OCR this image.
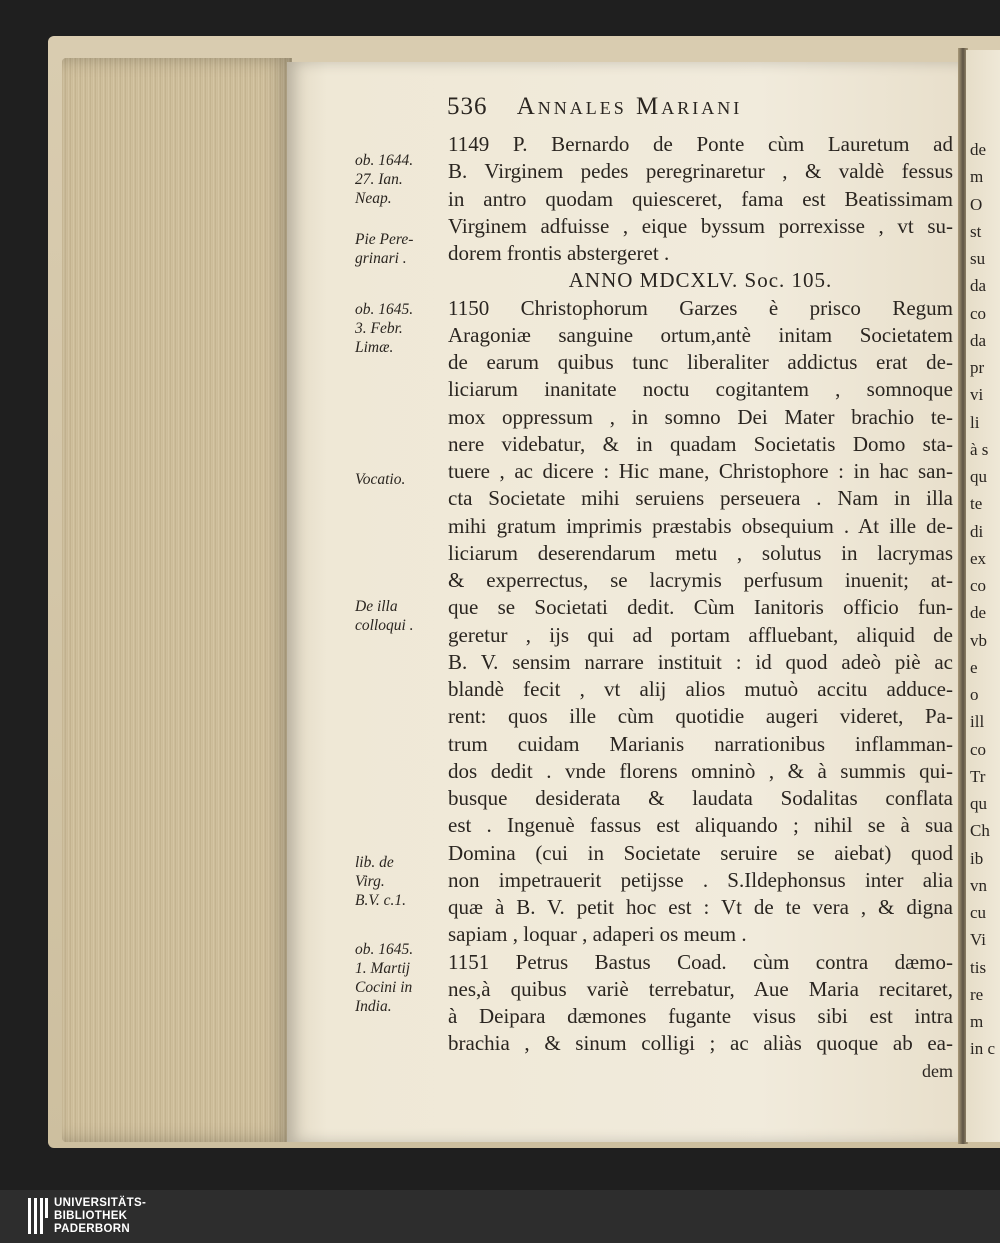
de
m
O
st
su
da
co
da
pr
vi
li
à s
qu
te
di
ex
co
de
vb
e
o
ill
co
Tr
qu
Ch
ib
vn
cu
Vi
tis
re
m
in c
536 Annales Mariani
1149 P. Bernardo de Ponte cùm Lauretum ad
B. Virginem pedes peregrinaretur , & valdè fessus
in antro quodam quiesceret, fama est Beatissimam
Virginem adfuisse , eique byssum porrexisse , vt su-
dorem frontis abstergeret .
ANNO MDCXLV. Soc. 105.
1150 Christophorum Garzes è prisco Regum
Aragoniæ sanguine ortum,antè initam Societatem
de earum quibus tunc liberaliter addictus erat de-
liciarum inanitate noctu cogitantem , somnoque
mox oppressum , in somno Dei Mater brachio te-
nere videbatur, & in quadam Societatis Domo sta-
tuere , ac dicere : Hic mane, Christophore : in hac san-
cta Societate mihi seruiens perseuera . Nam in illa
mihi gratum imprimis præstabis obsequium . At ille de-
liciarum deserendarum metu , solutus in lacrymas
& experrectus, se lacrymis perfusum inuenit; at-
que se Societati dedit. Cùm Ianitoris officio fun-
geretur , ijs qui ad portam affluebant, aliquid de
B. V. sensim narrare instituit : id quod adeò piè ac
blandè fecit , vt alij alios mutuò accitu adduce-
rent: quos ille cùm quotidie augeri videret, Pa-
trum cuidam Marianis narrationibus inflamman-
dos dedit . vnde florens omninò , & à summis qui-
busque desiderata & laudata Sodalitas conflata
est . Ingenuè fassus est aliquando ; nihil se à sua
Domina (cui in Societate seruire se aiebat) quod
non impetrauerit petijsse . S.Ildephonsus inter alia
quæ à B. V. petit hoc est : Vt de te vera , & digna
sapiam , loquar , adaperi os meum .
1151 Petrus Bastus Coad. cùm contra dæmo-
nes,à quibus variè terrebatur, Aue Maria recitaret,
à Deipara dæmones fugante visus sibi est intra
brachia , & sinum colligi ; ac aliàs quoque ab ea-
dem
ob. 1644.
27. Ian.
Neap.
Pie Pere-
grinari .
ob. 1645.
3. Febr.
Limæ.
Vocatio.
De illa
colloqui .
lib. de
Virg.
B.V. c.1.
ob. 1645.
1. Martij
Cocini in
India.
UNIVERSITÄTS-
BIBLIOTHEK
PADERBORN
